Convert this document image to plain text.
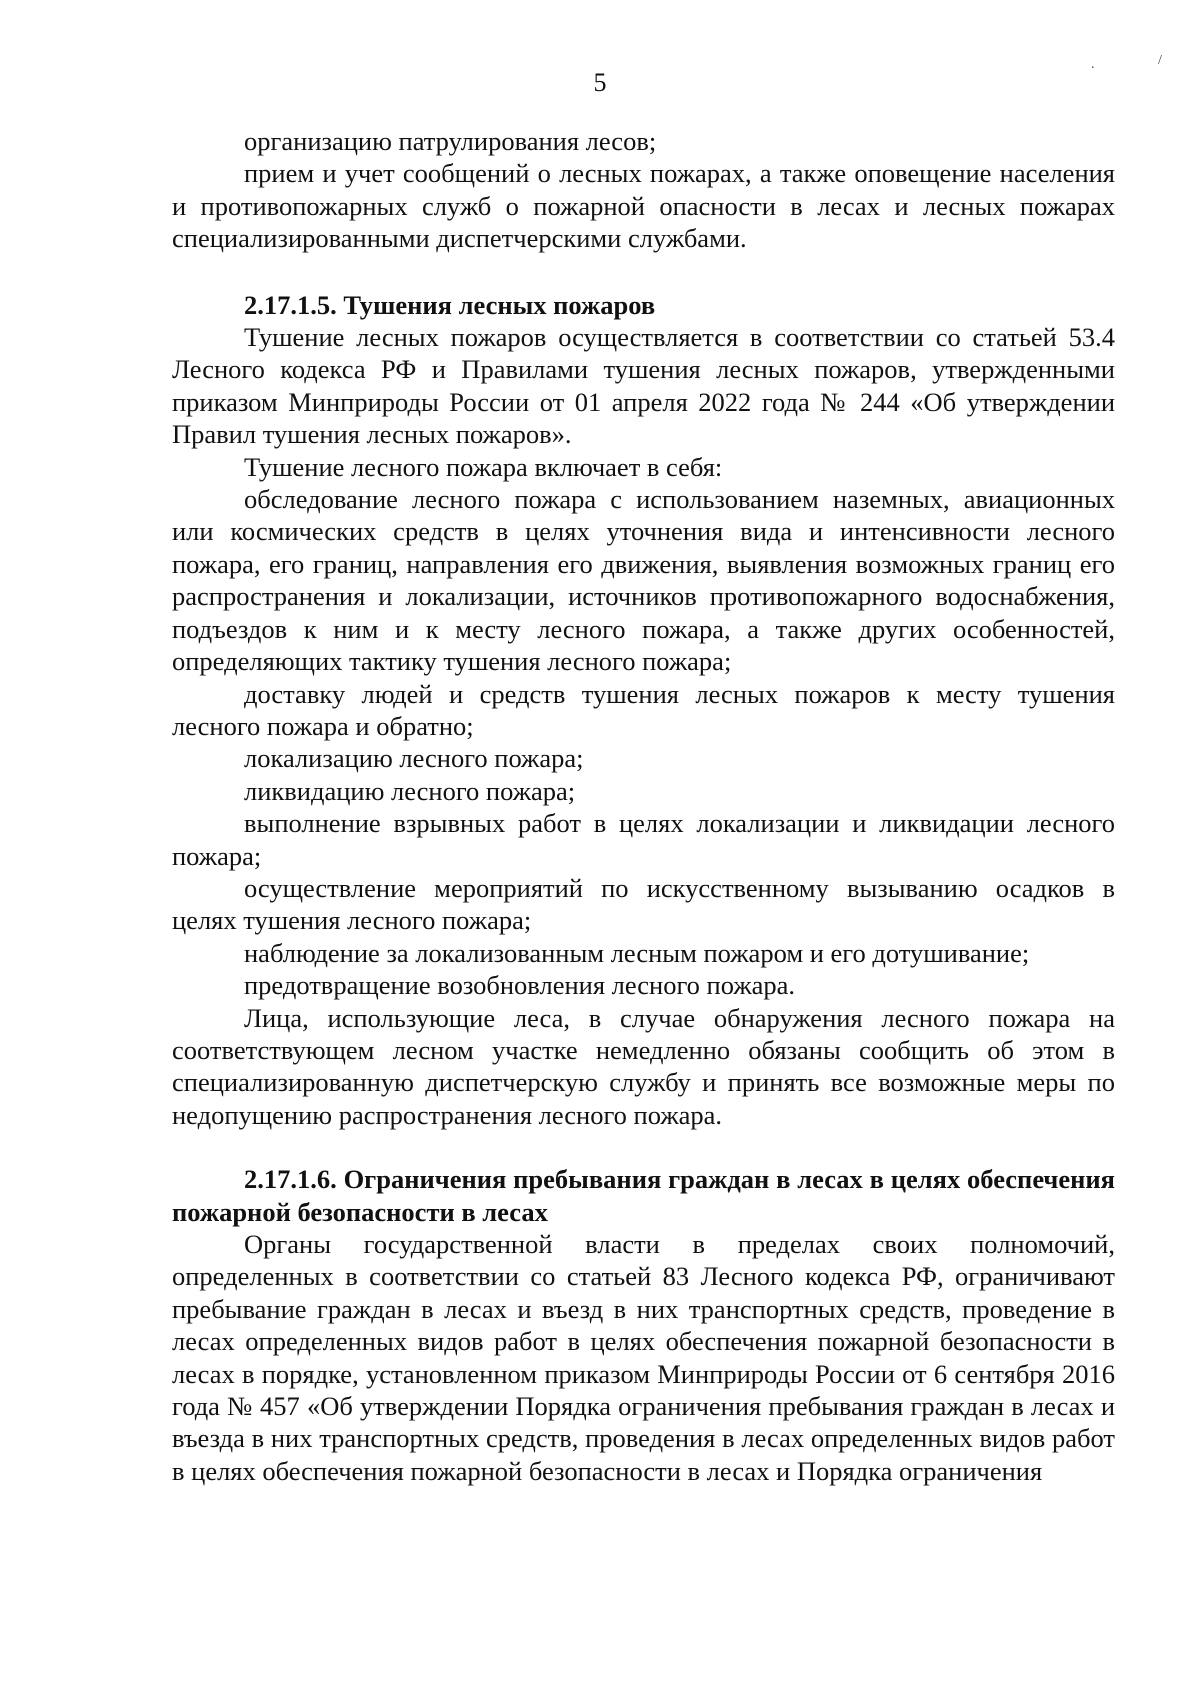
.	/
5

организацию патрулирования лесов;

прием и учет сообщений о лесных пожарах, а также оповещение населения и противопожарных служб о пожарной опасности в лесах и лесных пожарах специализированными диспетчерскими службами.

2.17.1.5. Тушения лесных пожаров

Тушение лесных пожаров осуществляется в соответствии со статьей 53.4 Лесного кодекса РФ и Правилами тушения лесных пожаров, утвержденными приказом Минприроды России от 01 апреля 2022 года № 244 «Об утверждении Правил тушения лесных пожаров».

Тушение лесного пожара включает в себя:

обследование лесного пожара с использованием наземных, авиационных или космических средств в целях уточнения вида и интенсивности лесного пожара, его границ, направления его движения, выявления возможных границ его распространения и локализации, источников противопожарного водоснабжения, подъездов к ним и к месту лесного пожара, а также других особенностей, определяющих тактику тушения лесного пожара;

доставку людей и средств тушения лесных пожаров к месту тушения лесного пожара и обратно;

локализацию лесного пожара;

ликвидацию лесного пожара;

выполнение взрывных работ в целях локализации и ликвидации лесного пожара;

осуществление мероприятий по искусственному вызыванию осадков в целях тушения лесного пожара;

наблюдение за локализованным лесным пожаром и его дотушивание;

предотвращение возобновления лесного пожара.

Лица, использующие леса, в случае обнаружения лесного пожара на соответствующем лесном участке немедленно обязаны сообщить об этом в специализированную диспетчерскую службу и принять все возможные меры по недопущению распространения лесного пожара.

2.17.1.6. Ограничения пребывания граждан в лесах в целях обеспечения пожарной безопасности в лесах

Органы государственной власти в пределах своих полномочий, определенных в соответствии со статьей 83 Лесного кодекса РФ, ограничивают пребывание граждан в лесах и въезд в них транспортных средств, проведение в лесах определенных видов работ в целях обеспечения пожарной безопасности в лесах в порядке, установленном приказом Минприроды России от 6 сентября 2016 года № 457 «Об утверждении Порядка ограничения пребывания граждан в лесах и въезда в них транспортных средств, проведения в лесах определенных видов работ в целях обеспечения пожарной безопасности в лесах и Порядка ограничения
